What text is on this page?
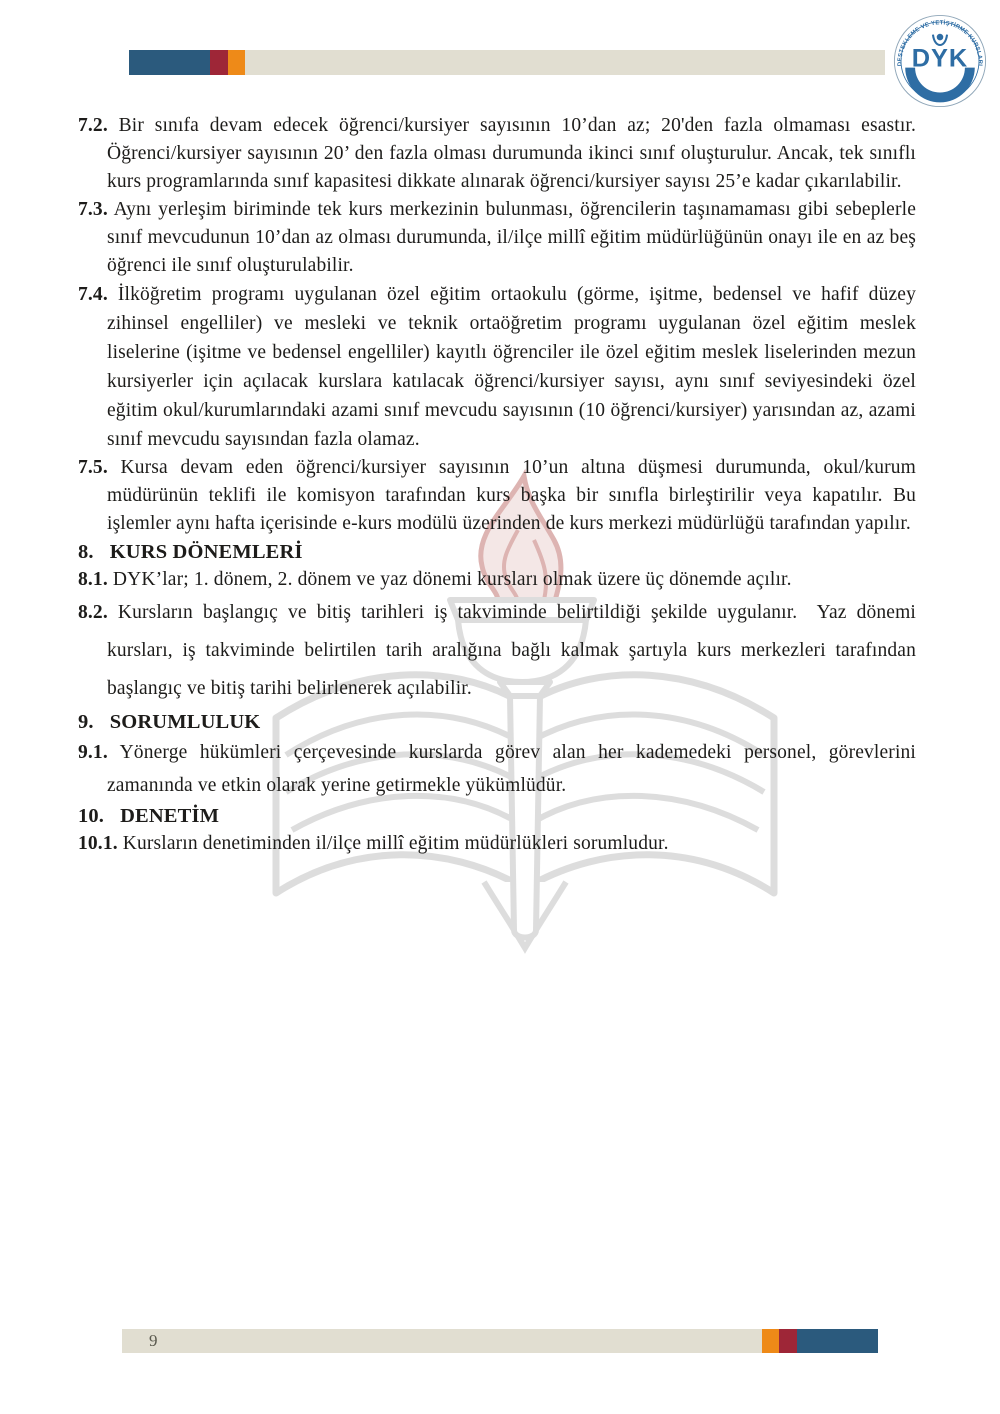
DESTEKLEME VE YETİŞTİRME KURSLARI
DYK

7.2. Bir sınıfa devam edecek öğrenci/kursiyer sayısının 10’dan az; 20'den fazla olmaması esastır. Öğrenci/kursiyer sayısının 20’ den fazla olması durumunda ikinci sınıf oluşturulur. Ancak, tek sınıflı kurs programlarında sınıf kapasitesi dikkate alınarak öğrenci/kursiyer sayısı 25’e kadar çıkarılabilir.

7.3. Aynı yerleşim biriminde tek kurs merkezinin bulunması, öğrencilerin taşınamaması gibi sebeplerle sınıf mevcudunun 10’dan az olması durumunda, il/ilçe millî eğitim müdürlüğünün onayı ile en az beş öğrenci ile sınıf oluşturulabilir.

7.4. İlköğretim programı uygulanan özel eğitim ortaokulu (görme, işitme, bedensel ve hafif düzey zihinsel engelliler) ve mesleki ve teknik ortaöğretim programı uygulanan özel eğitim meslek liselerine (işitme ve bedensel engelliler) kayıtlı öğrenciler ile özel eğitim meslek liselerinden mezun kursiyerler için açılacak kurslara katılacak öğrenci/kursiyer sayısı, aynı sınıf seviyesindeki özel eğitim okul/kurumlarındaki azami sınıf mevcudu sayısının (10 öğrenci/kursiyer) yarısından az, azami sınıf mevcudu sayısından fazla olamaz.

7.5. Kursa devam eden öğrenci/kursiyer sayısının 10’un altına düşmesi durumunda, okul/kurum müdürünün teklifi ile komisyon tarafından kurs başka bir sınıfla birleştirilir veya kapatılır. Bu işlemler aynı hafta içerisinde e-kurs modülü üzerinden de kurs merkezi müdürlüğü tarafından yapılır.

8. KURS DÖNEMLERİ

8.1. DYK’lar; 1. dönem, 2. dönem ve yaz dönemi kursları olmak üzere üç dönemde açılır.

8.2. Kursların başlangıç ve bitiş tarihleri iş takviminde belirtildiği şekilde uygulanır.  Yaz dönemi kursları, iş takviminde belirtilen tarih aralığına bağlı kalmak şartıyla kurs merkezleri tarafından başlangıç ve bitiş tarihi belirlenerek açılabilir.

9. SORUMLULUK

9.1. Yönerge hükümleri çerçevesinde kurslarda görev alan her kademedeki personel, görevlerini zamanında ve etkin olarak yerine getirmekle yükümlüdür.

10. DENETİM

10.1. Kursların denetiminden il/ilçe millî eğitim müdürlükleri sorumludur.

9
